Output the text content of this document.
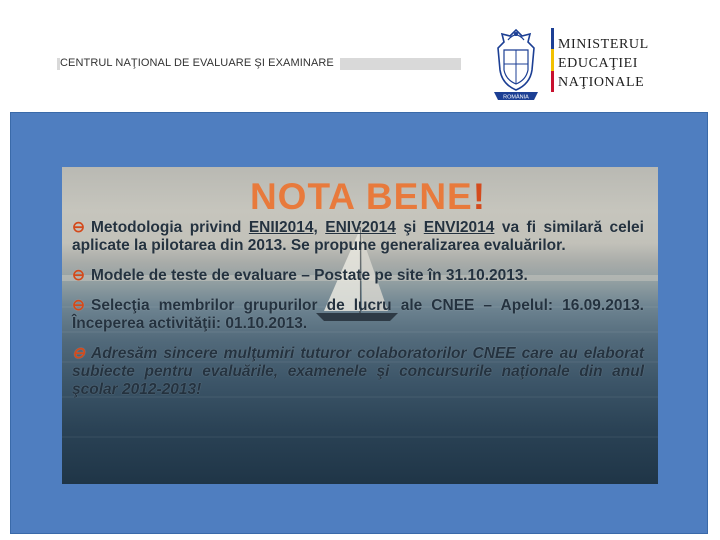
CENTRUL NAŢIONAL DE EVALUARE ŞI EXAMINARE
ROMÂNIA
MINISTERUL
EDUCAŢIEI
NAŢIONALE
NOTA BENE!
⊖ Metodologia privind ENII2014, ENIV2014 şi ENVI2014 va fi similară celei aplicate la pilotarea din 2013. Se propune generalizarea evaluărilor.
⊖ Modele de teste de evaluare – Postate pe site în 31.10.2013.
⊖ Selecţia membrilor grupurilor de lucru ale CNEE – Apelul: 16.09.2013. Începerea activităţii: 01.10.2013.
⊖ Adresăm sincere mulţumiri tuturor colaboratorilor CNEE care au elaborat subiecte pentru evaluările, examenele şi concursurile naţionale din anul şcolar 2012-2013!
